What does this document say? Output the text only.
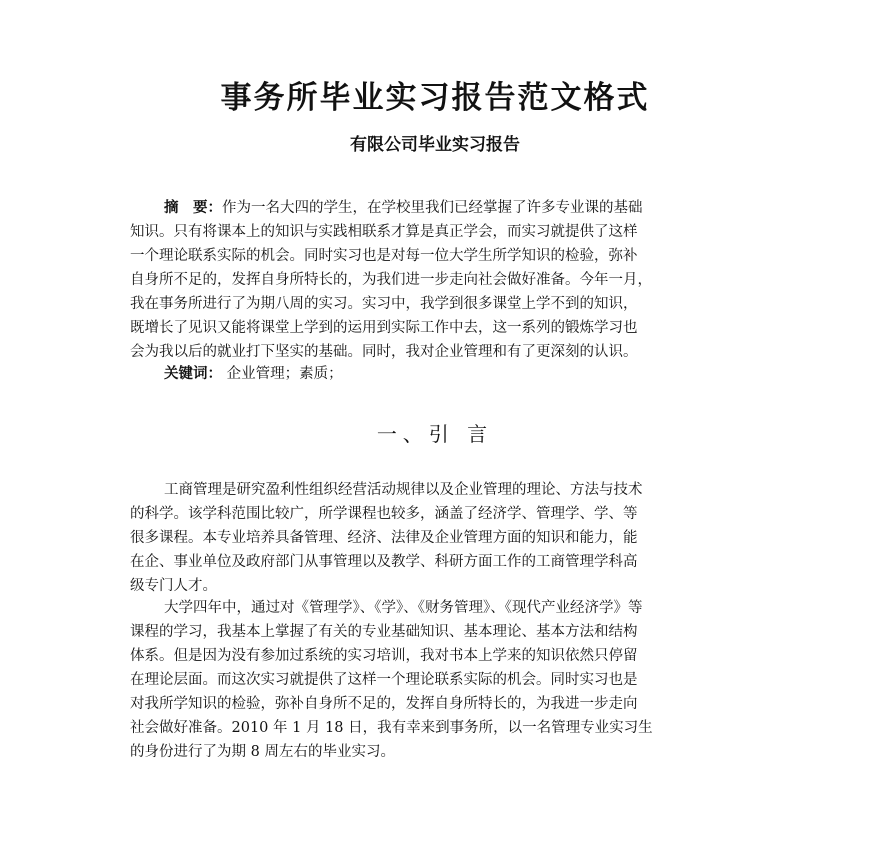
事务所毕业实习报告范文格式
有限公司毕业实习报告
摘　要：作为一名大四的学生，在学校里我们已经掌握了许多专业课的基础
知识。只有将课本上的知识与实践相联系才算是真正学会，而实习就提供了这样
一个理论联系实际的机会。同时实习也是对每一位大学生所学知识的检验，弥补
自身所不足的，发挥自身所特长的，为我们进一步走向社会做好准备。今年一月，
我在事务所进行了为期八周的实习。实习中，我学到很多课堂上学不到的知识，
既增长了见识又能将课堂上学到的运用到实际工作中去，这一系列的锻炼学习也
会为我以后的就业打下坚实的基础。同时，我对企业管理和有了更深刻的认识。
关键词： 企业管理；素质；
一、引 言
工商管理是研究盈利性组织经营活动规律以及企业管理的理论、方法与技术
的科学。该学科范围比较广，所学课程也较多，涵盖了经济学、管理学、学、等
很多课程。本专业培养具备管理、经济、法律及企业管理方面的知识和能力，能
在企、事业单位及政府部门从事管理以及教学、科研方面工作的工商管理学科高
级专门人才。
大学四年中，通过对《管理学》、《学》、《财务管理》、《现代产业经济学》等
课程的学习，我基本上掌握了有关的专业基础知识、基本理论、基本方法和结构
体系。但是因为没有参加过系统的实习培训，我对书本上学来的知识依然只停留
在理论层面。而这次实习就提供了这样一个理论联系实际的机会。同时实习也是
对我所学知识的检验，弥补自身所不足的，发挥自身所特长的，为我进一步走向
社会做好准备。2010 年 1 月 18 日，我有幸来到事务所，以一名管理专业实习生
的身份进行了为期 8 周左右的毕业实习。
